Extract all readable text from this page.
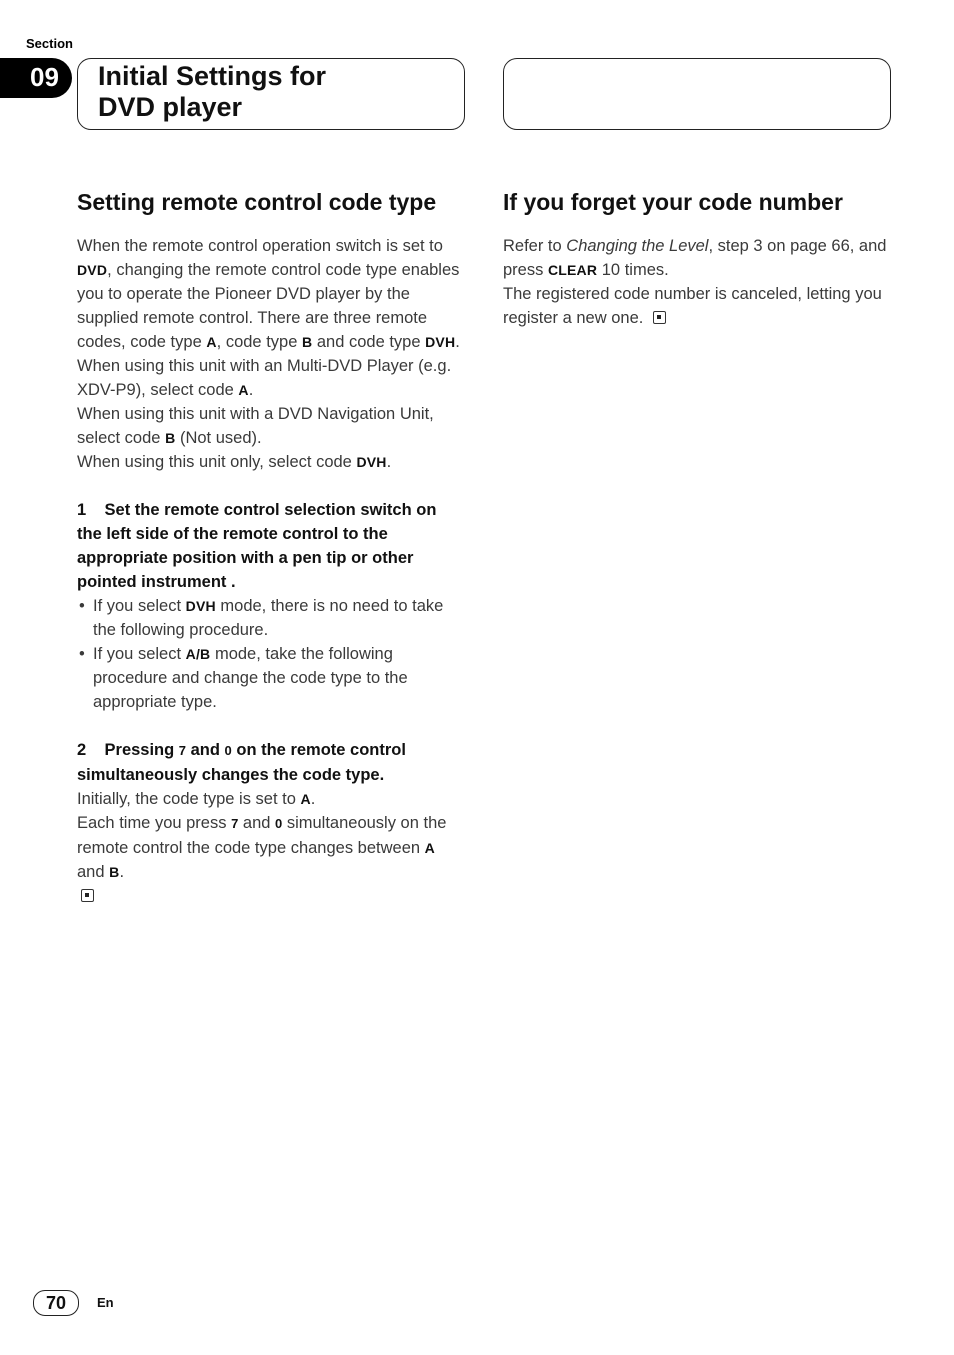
Section
09 Initial Settings for
DVD player
Setting remote control code type

When the remote control operation switch is set to DVD, changing the remote control code type enables you to operate the Pioneer DVD player by the supplied remote control. There are three remote codes, code type A, code type B and code type DVH.

When using this unit with an Multi-DVD Player (e.g. XDV-P9), select code A.

When using this unit with a DVD Navigation Unit, select code B (Not used).

When using this unit only, select code DVH.

1    Set the remote control selection switch on the left side of the remote control to the appropriate position with a pen tip or other pointed instrument .

• If you select DVH mode, there is no need to take the following procedure.
• If you select A/B mode, take the following procedure and change the code type to the appropriate type.

2    Pressing 7 and 0 on the remote control simultaneously changes the code type.

Initially, the code type is set to A.

Each time you press 7 and 0 simultaneously on the remote control the code type changes between A and B.

If you forget your code number

Refer to Changing the Level, step 3 on page 66, and press CLEAR 10 times.

The registered code number is canceled, letting you register a new one.

70	En
